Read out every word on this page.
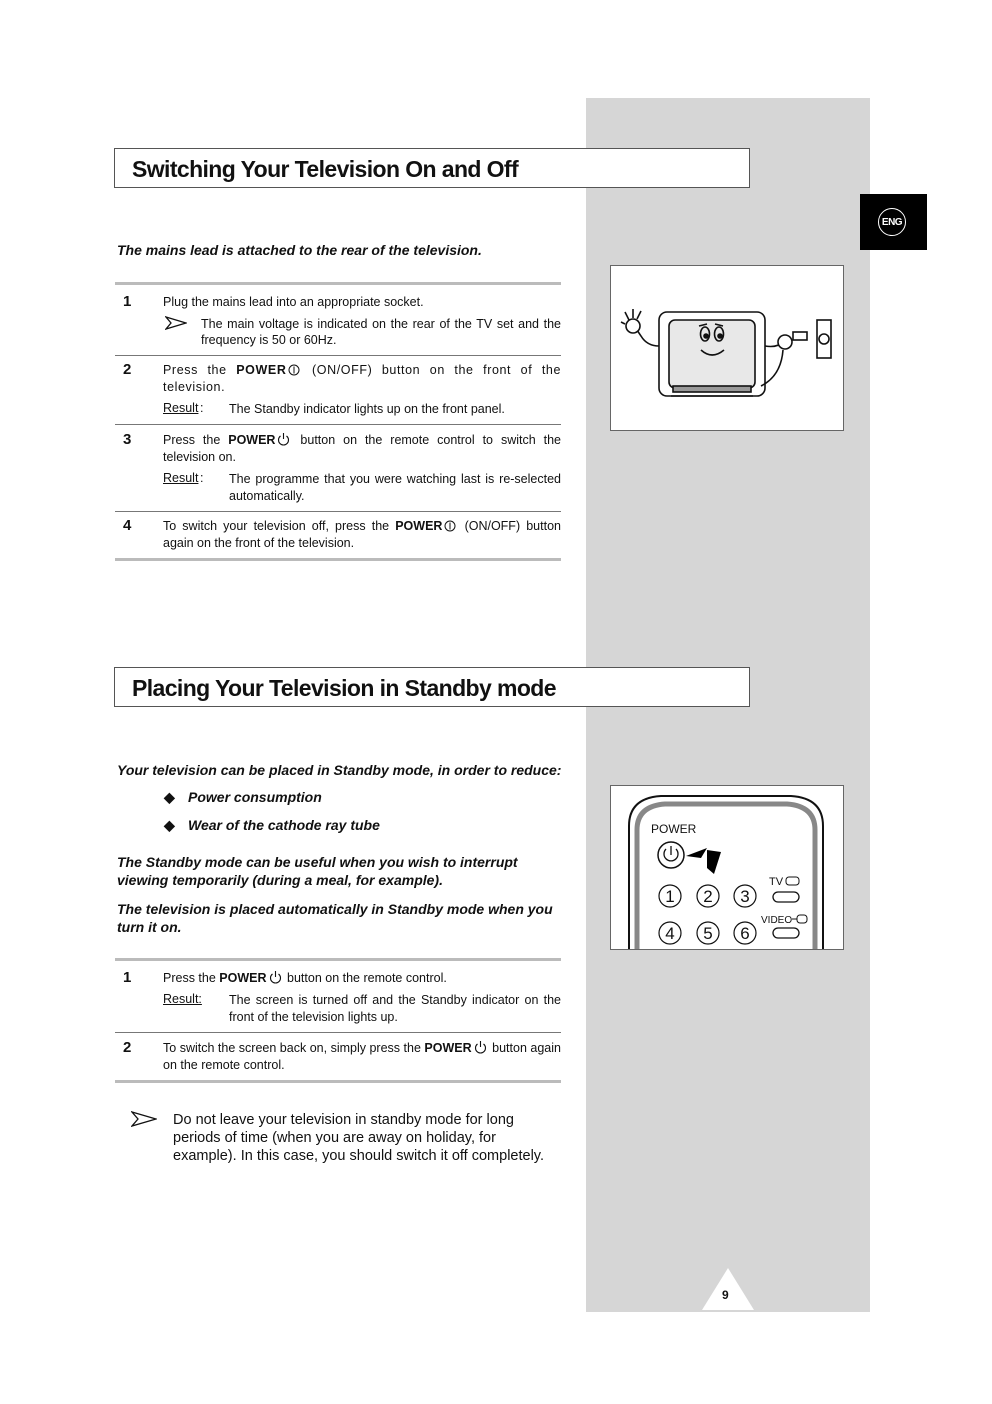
ENG
Switching Your Television On and Off
The mains lead is attached to the rear of the television.
1	Plug the mains lead into an appropriate socket.
The main voltage is indicated on the rear of the TV set and the frequency is 50 or 60Hz.
2	Press the POWER (ON/OFF) button on the front of the television.
Result : The Standby indicator lights up on the front panel.
3	Press the POWER button on the remote control to switch the television on.
Result : The programme that you were watching last is re-selected automatically.
4	To switch your television off, press the POWER (ON/OFF) button again on the front of the television.
Placing Your Television in Standby mode
Your television can be placed in Standby mode, in order to reduce:
◆ Power consumption
◆ Wear of the cathode ray tube
The Standby mode can be useful when you wish to interrupt viewing temporarily (during a meal, for example).
The television is placed automatically in Standby mode when you turn it on.
1	Press the POWER button on the remote control.
Result: The screen is turned off and the Standby indicator on the front of the television lights up.
2	To switch the screen back on, simply press the POWER button again on the remote control.
Do not leave your television in standby mode for long periods of time (when you are away on holiday, for example). In this case, you should switch it off completely.
POWER
TV
VIDEO
1 2 3
4 5 6
9
